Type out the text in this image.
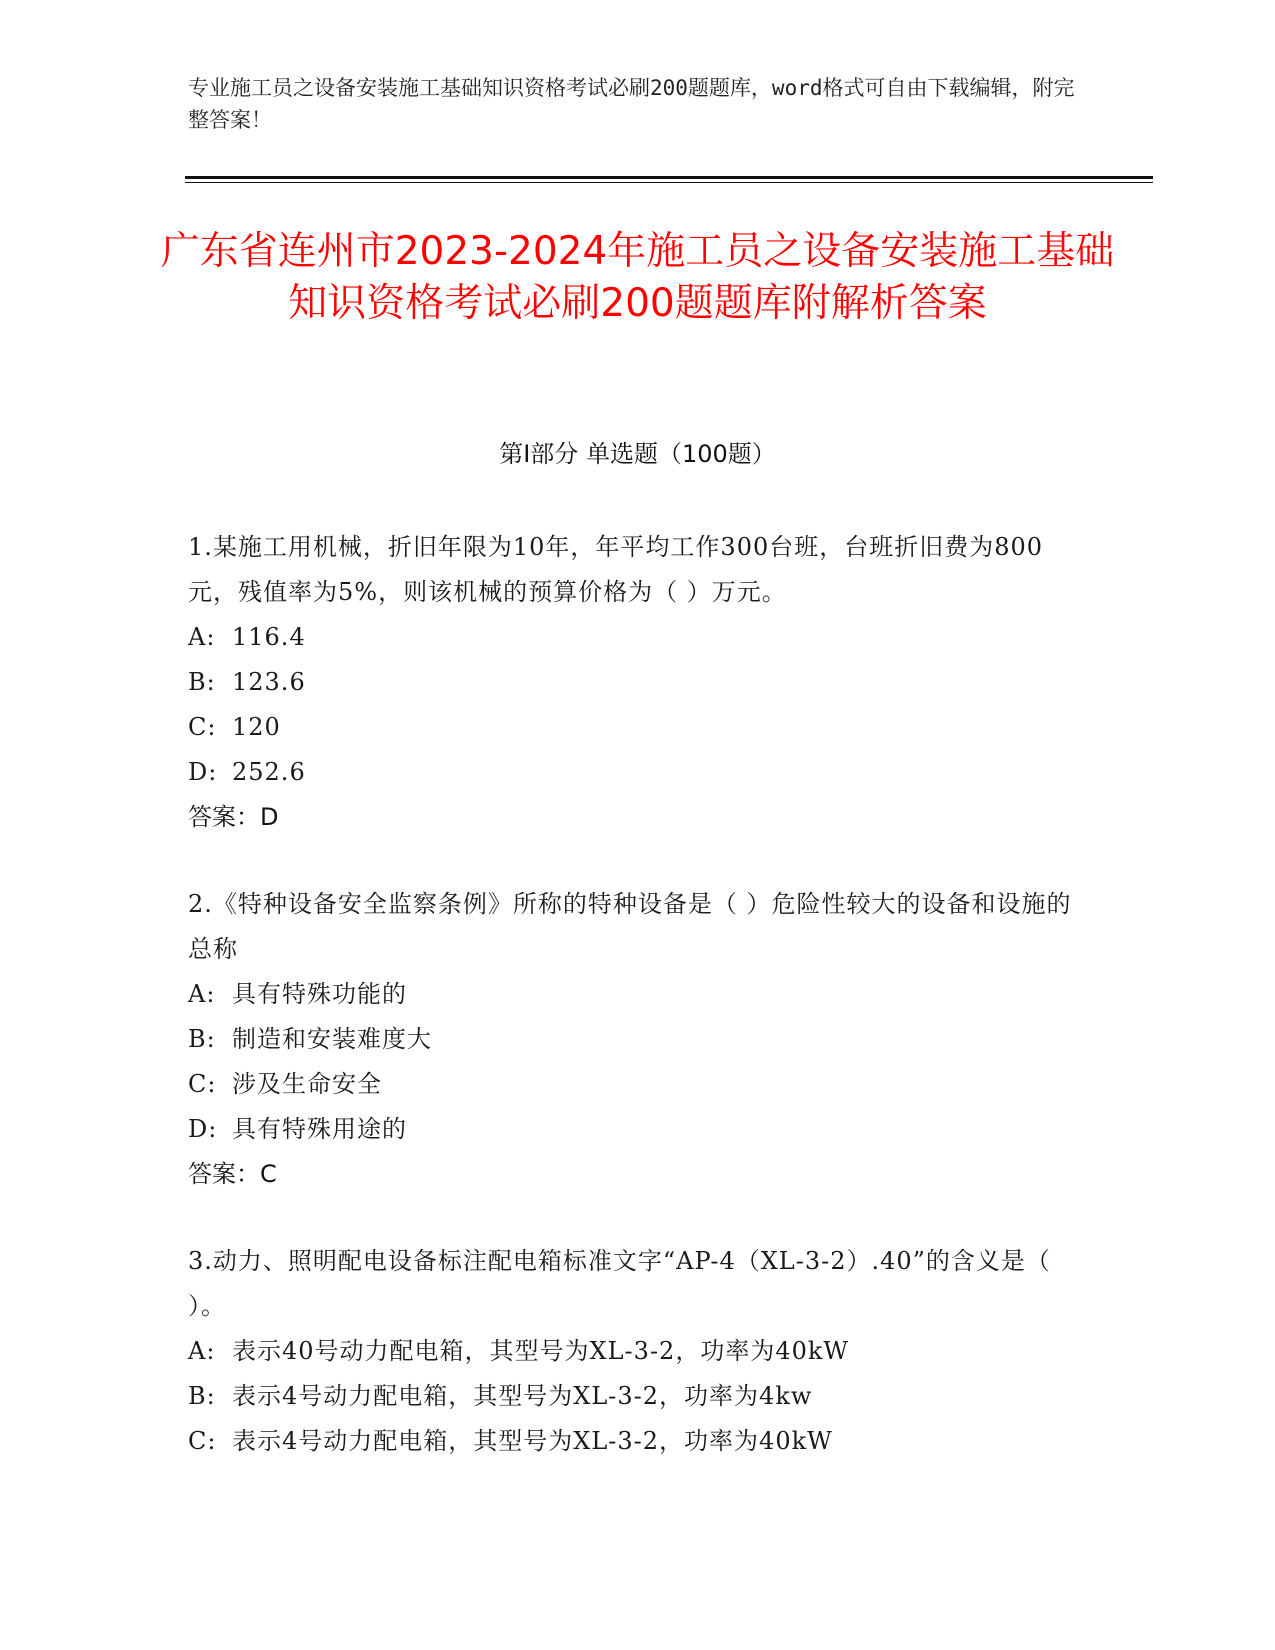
专业施工员之设备安装施工基础知识资格考试必刷200题题库，word格式可自由下载编辑，附完整答案！
广东省连州市2023-2024年施工员之设备安装施工基础知识资格考试必刷200题题库附解析答案
第I部分 单选题（100题）
1.某施工用机械，折旧年限为10年，年平均工作300台班，台班折旧费为800元，残值率为5%，则该机械的预算价格为（ ）万元。
A: 116.4
B: 123.6
C: 120
D: 252.6
答案：D
2.《特种设备安全监察条例》所称的特种设备是（ ）危险性较大的设备和设施的总称
A: 具有特殊功能的
B: 制造和安装难度大
C: 涉及生命安全
D: 具有特殊用途的
答案：C
3.动力、照明配电设备标注配电箱标准文字“AP-4（XL-3-2）.40”的含义是（ ）。
A: 表示40号动力配电箱，其型号为XL-3-2，功率为40kW
B: 表示4号动力配电箱，其型号为XL-3-2，功率为4kw
C: 表示4号动力配电箱，其型号为XL-3-2，功率为40kW
